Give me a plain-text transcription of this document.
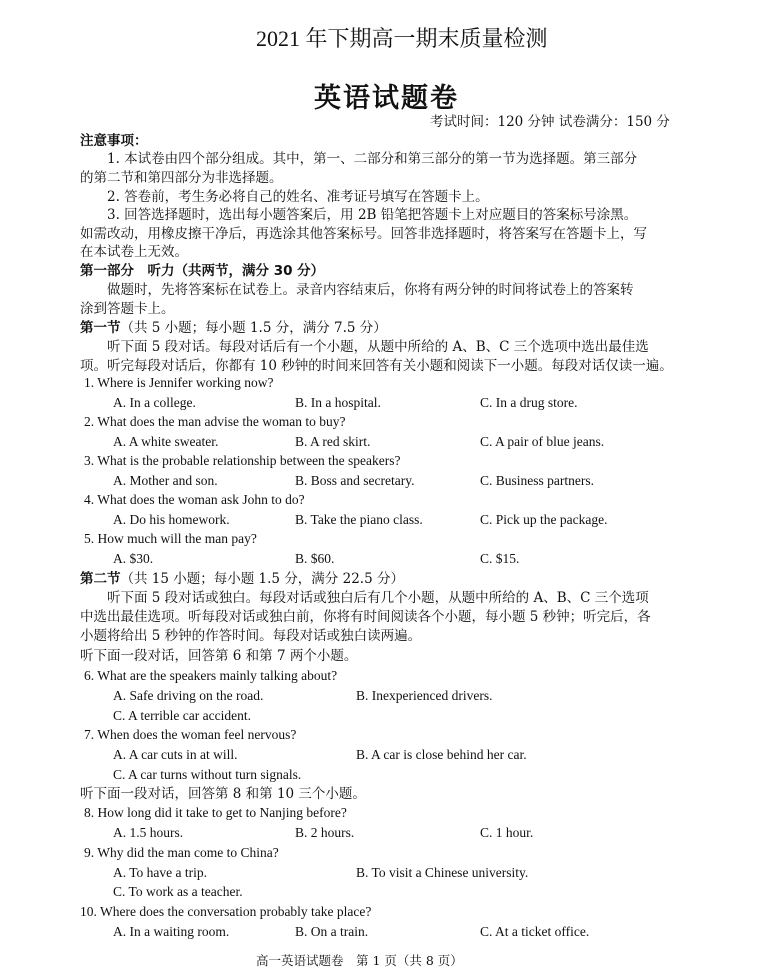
2021 年下期高一期末质量检测
英语试题卷
考试时间：120 分钟 试卷满分：150 分
注意事项：
1. 本试卷由四个部分组成。其中，第一、二部分和第三部分的第一节为选择题。第三部分
的第二节和第四部分为非选择题。
2. 答卷前，考生务必将自己的姓名、准考证号填写在答题卡上。
3. 回答选择题时，选出每小题答案后，用 2B 铅笔把答题卡上对应题目的答案标号涂黑。
如需改动，用橡皮擦干净后，再选涂其他答案标号。回答非选择题时，将答案写在答题卡上，写
在本试卷上无效。
第一部分　听力（共两节，满分 30 分）
做题时，先将答案标在试卷上。录音内容结束后，你将有两分钟的时间将试卷上的答案转
涂到答题卡上。
第一节（共 5 小题；每小题 1.5 分，满分 7.5 分）
听下面 5 段对话。每段对话后有一个小题，从题中所给的 A、B、C 三个选项中选出最佳选
项。听完每段对话后，你都有 10 秒钟的时间来回答有关小题和阅读下一小题。每段对话仅读一遍。
1. Where is Jennifer working now?
A. In a college.	B. In a hospital.	C. In a drug store.
2. What does the man advise the woman to buy?
A. A white sweater.	B. A red skirt.	C. A pair of blue jeans.
3. What is the probable relationship between the speakers?
A. Mother and son.	B. Boss and secretary.	C. Business partners.
4. What does the woman ask John to do?
A. Do his homework.	B. Take the piano class.	C. Pick up the package.
5. How much will the man pay?
A. $30.	B. $60.	C. $15.
第二节（共 15 小题；每小题 1.5 分，满分 22.5 分）
听下面 5 段对话或独白。每段对话或独白后有几个小题，从题中所给的 A、B、C 三个选项
中选出最佳选项。听每段对话或独白前，你将有时间阅读各个小题，每小题 5 秒钟；听完后，各
小题将给出 5 秒钟的作答时间。每段对话或独白读两遍。
听下面一段对话，回答第 6 和第 7 两个小题。
6. What are the speakers mainly talking about?
A. Safe driving on the road.	B. Inexperienced drivers.
C. A terrible car accident.
7. When does the woman feel nervous?
A. A car cuts in at will.	B. A car is close behind her car.
C. A car turns without turn signals.
听下面一段对话，回答第 8 和第 10 三个小题。
8. How long did it take to get to Nanjing before?
A. 1.5 hours.	B. 2 hours.	C. 1 hour.
9. Why did the man come to China?
A. To have a trip.	B. To visit a Chinese university.
C. To work as a teacher.
10. Where does the conversation probably take place?
A. In a waiting room.	B. On a train.	C. At a ticket office.
高一英语试题卷　第 1 页（共 8 页）
